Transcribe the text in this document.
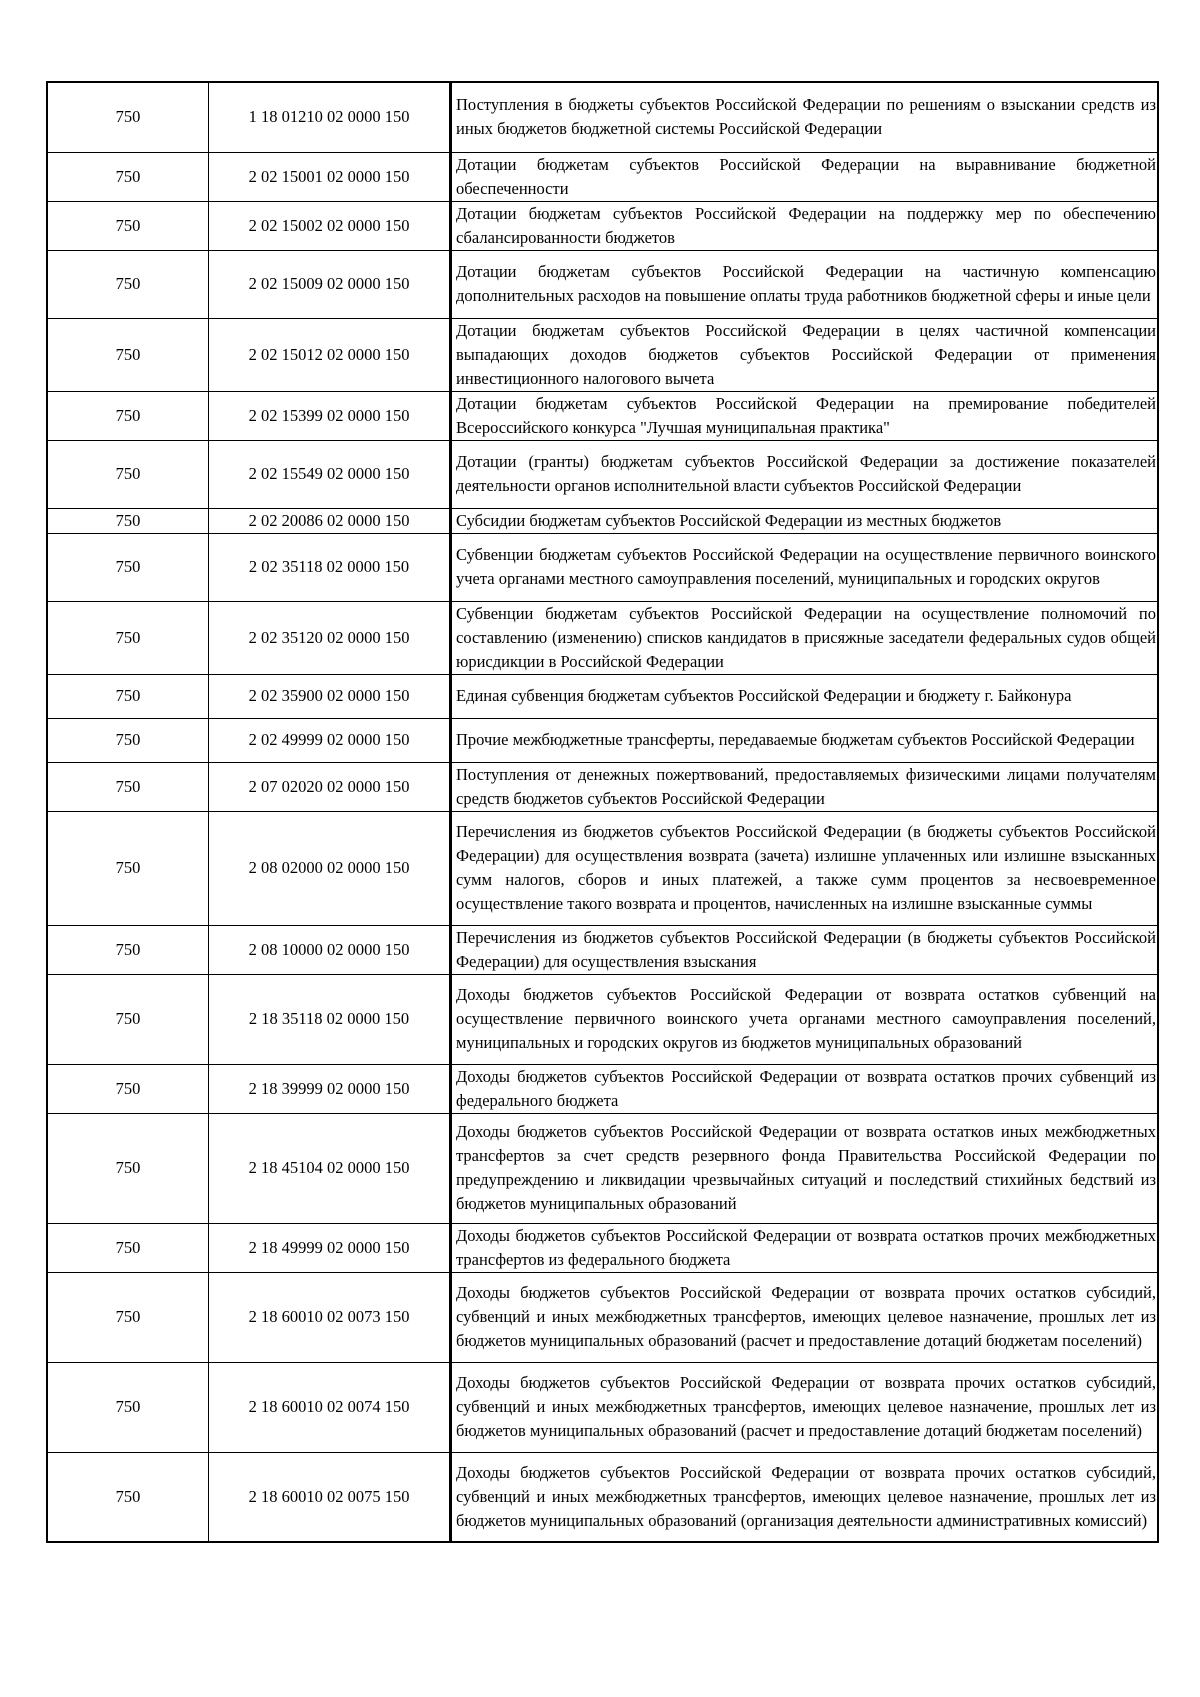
750	1 18 01210 02 0000 150	Поступления в бюджеты субъектов Российской Федерации по решениям о взыскании средств из иных бюджетов бюджетной системы Российской Федерации
750	2 02 15001 02 0000 150	Дотации бюджетам субъектов Российской Федерации на выравнивание бюджетной обеспеченности
750	2 02 15002 02 0000 150	Дотации бюджетам субъектов Российской Федерации на поддержку мер по обеспечению сбалансированности бюджетов
750	2 02 15009 02 0000 150	Дотации бюджетам субъектов Российской Федерации на частичную компенсацию дополнительных расходов на повышение оплаты труда работников бюджетной сферы и иные цели
750	2 02 15012 02 0000 150	Дотации бюджетам субъектов Российской Федерации в целях частичной компенсации выпадающих доходов бюджетов субъектов Российской Федерации от применения инвестиционного налогового вычета
750	2 02 15399 02 0000 150	Дотации бюджетам субъектов Российской Федерации на премирование победителей Всероссийского конкурса "Лучшая муниципальная практика"
750	2 02 15549 02 0000 150	Дотации (гранты) бюджетам субъектов Российской Федерации за достижение показателей деятельности органов исполнительной власти субъектов Российской Федерации
750	2 02 20086 02 0000 150	Субсидии бюджетам субъектов Российской Федерации из местных бюджетов
750	2 02 35118 02 0000 150	Субвенции бюджетам субъектов Российской Федерации на осуществление первичного воинского учета органами местного самоуправления поселений, муниципальных и городских округов
750	2 02 35120 02 0000 150	Субвенции бюджетам субъектов Российской Федерации на осуществление полномочий по составлению (изменению) списков кандидатов в присяжные заседатели федеральных судов общей юрисдикции в Российской Федерации
750	2 02 35900 02 0000 150	Единая субвенция бюджетам субъектов Российской Федерации и бюджету г. Байконура
750	2 02 49999 02 0000 150	Прочие межбюджетные трансферты, передаваемые бюджетам субъектов Российской Федерации
750	2 07 02020 02 0000 150	Поступления от денежных пожертвований, предоставляемых физическими лицами получателям средств бюджетов субъектов Российской Федерации
750	2 08 02000 02 0000 150	Перечисления из бюджетов субъектов Российской Федерации (в бюджеты субъектов Российской Федерации) для осуществления возврата (зачета) излишне уплаченных или излишне взысканных сумм налогов, сборов и иных платежей, а также сумм процентов за несвоевременное осуществление такого возврата и процентов, начисленных на излишне взысканные суммы
750	2 08 10000 02 0000 150	Перечисления из бюджетов субъектов Российской Федерации (в бюджеты субъектов Российской Федерации) для осуществления взыскания
750	2 18 35118 02 0000 150	Доходы бюджетов субъектов Российской Федерации от возврата остатков субвенций на осуществление первичного воинского учета органами местного самоуправления поселений, муниципальных и городских округов из бюджетов муниципальных образований
750	2 18 39999 02 0000 150	Доходы бюджетов субъектов Российской Федерации от возврата остатков прочих субвенций из федерального бюджета
750	2 18 45104 02 0000 150	Доходы бюджетов субъектов Российской Федерации от возврата остатков иных межбюджетных трансфертов за счет средств резервного фонда Правительства Российской Федерации по предупреждению и ликвидации чрезвычайных ситуаций и последствий стихийных бедствий из бюджетов муниципальных образований
750	2 18 49999 02 0000 150	Доходы бюджетов субъектов Российской Федерации от возврата остатков прочих межбюджетных трансфертов из федерального бюджета
750	2 18 60010 02 0073 150	Доходы бюджетов субъектов Российской Федерации от возврата прочих остатков субсидий, субвенций и иных межбюджетных трансфертов, имеющих целевое назначение, прошлых лет из бюджетов муниципальных образований (расчет и предоставление дотаций бюджетам поселений)
750	2 18 60010 02 0074 150	Доходы бюджетов субъектов Российской Федерации от возврата прочих остатков субсидий, субвенций и иных межбюджетных трансфертов, имеющих целевое назначение, прошлых лет из бюджетов муниципальных образований (расчет и предоставление дотаций бюджетам поселений)
750	2 18 60010 02 0075 150	Доходы бюджетов субъектов Российской Федерации от возврата прочих остатков субсидий, субвенций и иных межбюджетных трансфертов, имеющих целевое назначение, прошлых лет из бюджетов муниципальных образований (организация деятельности административных комиссий)
